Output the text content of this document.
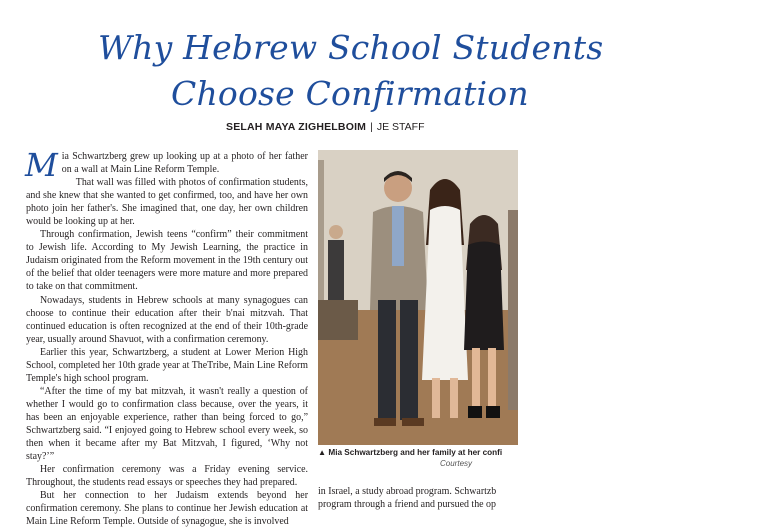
Why Hebrew School Students
Choose Confirmation
SELAH MAYA ZIGHELBOIM | JE STAFF

Mia Schwartzberg grew up looking up at a photo of her father on a wall at Main Line Reform Temple.

That wall was filled with photos of confirmation students, and she knew that she wanted to get confirmed, too, and have her own photo join her father's. She imagined that, one day, her own children would be looking up at her.

Through confirmation, Jewish teens “confirm” their commitment to Jewish life. According to My Jewish Learning, the practice in Judaism originated from the Reform movement in the 19th century out of the belief that older teenagers were more mature and more prepared to take on that commitment.

Nowadays, students in Hebrew schools at many synagogues can choose to continue their education after their b'nai mitzvah. That continued education is often recognized at the end of their 10th-grade year, usually around Shavuot, with a confirmation ceremony.

Earlier this year, Schwartzberg, a student at Lower Merion High School, completed her 10th grade year at TheTribe, Main Line Reform Temple's high school program.

“After the time of my bat mitzvah, it wasn't really a question of whether I would go to confirmation class because, over the years, it has been an enjoyable experience, rather than being forced to go,” Schwartzberg said. “I enjoyed going to Hebrew school every week, so then when it became after my Bat Mitzvah, I figured, ‘Why not stay?’”

Her confirmation ceremony was a Friday evening service. Throughout, the students read essays or speeches they had prepared.

But her connection to her Judaism extends beyond her confirmation ceremony. She plans to continue her Jewish education at Main Line Reform Temple. Outside of synagogue, she is involved

▲ Mia Schwartzberg and her family at her confi
Courtesy
in Israel, a study abroad program. Schwartzb
program through a friend and pursued the op
